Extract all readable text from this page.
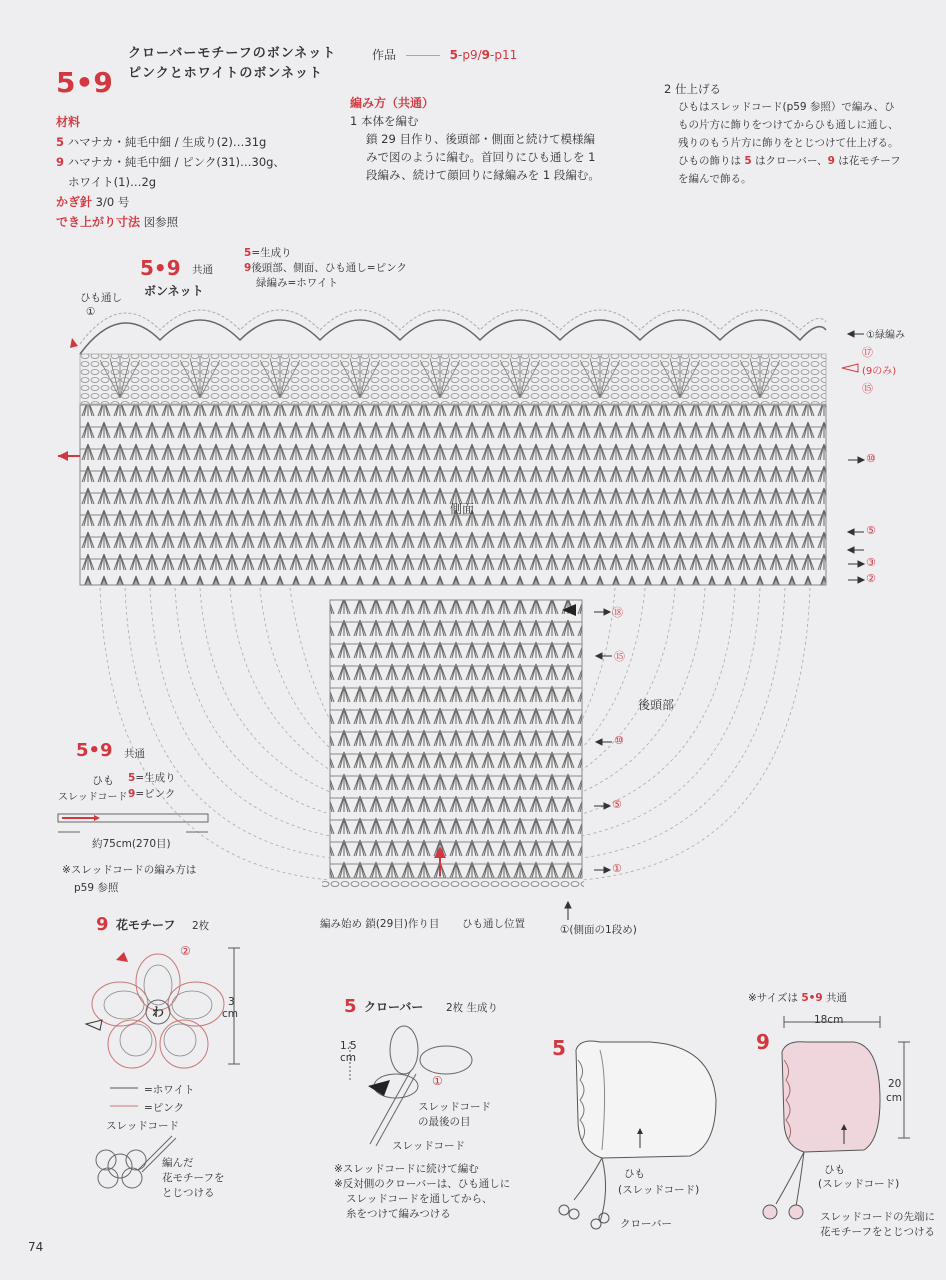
5•9
クローバーモチーフのボンネット
ピンクとホワイトのボンネット
作品	5-p9/9-p11
材料
5 ハマナカ・純毛中細 / 生成り(2)…31g
9 ハマナカ・純毛中細 / ピンク(31)…30g、
ホワイト(1)…2g
かぎ針 3/0 号
でき上がり寸法 図参照
編み方（共通）
1 本体を編む
鎖 29 目作り、後頭部・側面と続けて模様編
みで図のように編む。首回りにひも通しを 1
段編み、続けて顔回りに縁編みを 1 段編む。
2 仕上げる
ひもはスレッドコード(p59 参照）で編み、ひ
もの片方に飾りをつけてからひも通しに通し、
残りのもう片方に飾りをとじつけて仕上げる。
ひもの飾りは 5 はクローバー、9 は花モチーフ
を編んで飾る。
5•9 共通
ボンネット
5=生成り
9後頭部、側面、ひも通し=ピンク
緑編み=ホワイト
ひも通し
①
側面
後頭部
①緑編み
⑰
(9のみ)
⑮
⑩
⑤
③
②
⑱
⑮
⑩
⑤
①
編み始め 鎖(29目)作り目 ひも通し位置	①(側面の1段め)
5•9 共通
ひも
スレッドコード
5=生成り
9=ピンク
約75cm(270目)
※スレッドコードの編み方は
p59 参照
9 花モチーフ 2枚
②
わ
3
cm
=ホワイト
=ピンク
スレッドコード
編んだ
花モチーフを
とじつける
5 クローバー 2枚 生成り
1.5
cm
①
スレッドコード
の最後の目
スレッドコード
※スレッドコードに続けて編む
※反対側のクローバーは、ひも通しに
スレッドコードを通してから、
糸をつけて編みつける
5
ひも
(スレッドコード)
クローバー
※サイズは 5•9 共通
9
18cm
20
cm
ひも
(スレッドコード)
スレッドコードの先端に
花モチーフをとじつける
74
